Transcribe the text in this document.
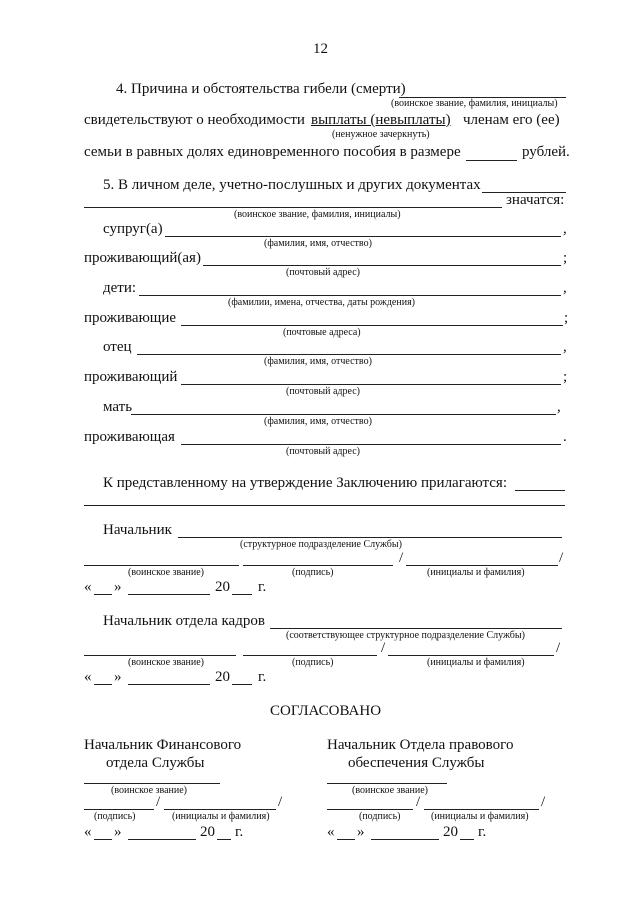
12
4. Причина и обстоятельства гибели (смерти)
(воинское звание, фамилия, инициалы)
свидетельствуют о необходимости выплаты (невыплаты) членам его (ее)
(ненужное зачеркнуть)
семьи в равных долях единовременного пособия в размере	рублей.
5. В личном деле, учетно-послушных и других документах
значатся:
(воинское звание, фамилия, инициалы)
супруг(а)	,
(фамилия, имя, отчество)
проживающий(ая)	;
(почтовый адрес)
дети:	,
(фамилии, имена, отчества, даты рождения)
проживающие	;
(почтовые адреса)
отец	,
(фамилия, имя, отчество)
проживающий	;
(почтовый адрес)
мать	,
(фамилия, имя, отчество)
проживающая	.
(почтовый адрес)
К представленному на утверждение Заключению прилагаются:
Начальник
(структурное подразделение Службы)
/	/
(воинское звание)	(подпись)	(инициалы и фамилия)
« »	20 г.
Начальник отдела кадров
(соответствующее структурное подразделение Службы)
/	/
(воинское звание)	(подпись)	(инициалы и фамилия)
« »	20 г.
СОГЛАСОВАНО
Начальник Финансового
отдела Службы
(воинское звание)
/	/
(подпись)	(инициалы и фамилия)
« »	20 г.
Начальник Отдела правового
обеспечения Службы
(воинское звание)
/	/
(подпись)	(инициалы и фамилия)
« »	20 г.
